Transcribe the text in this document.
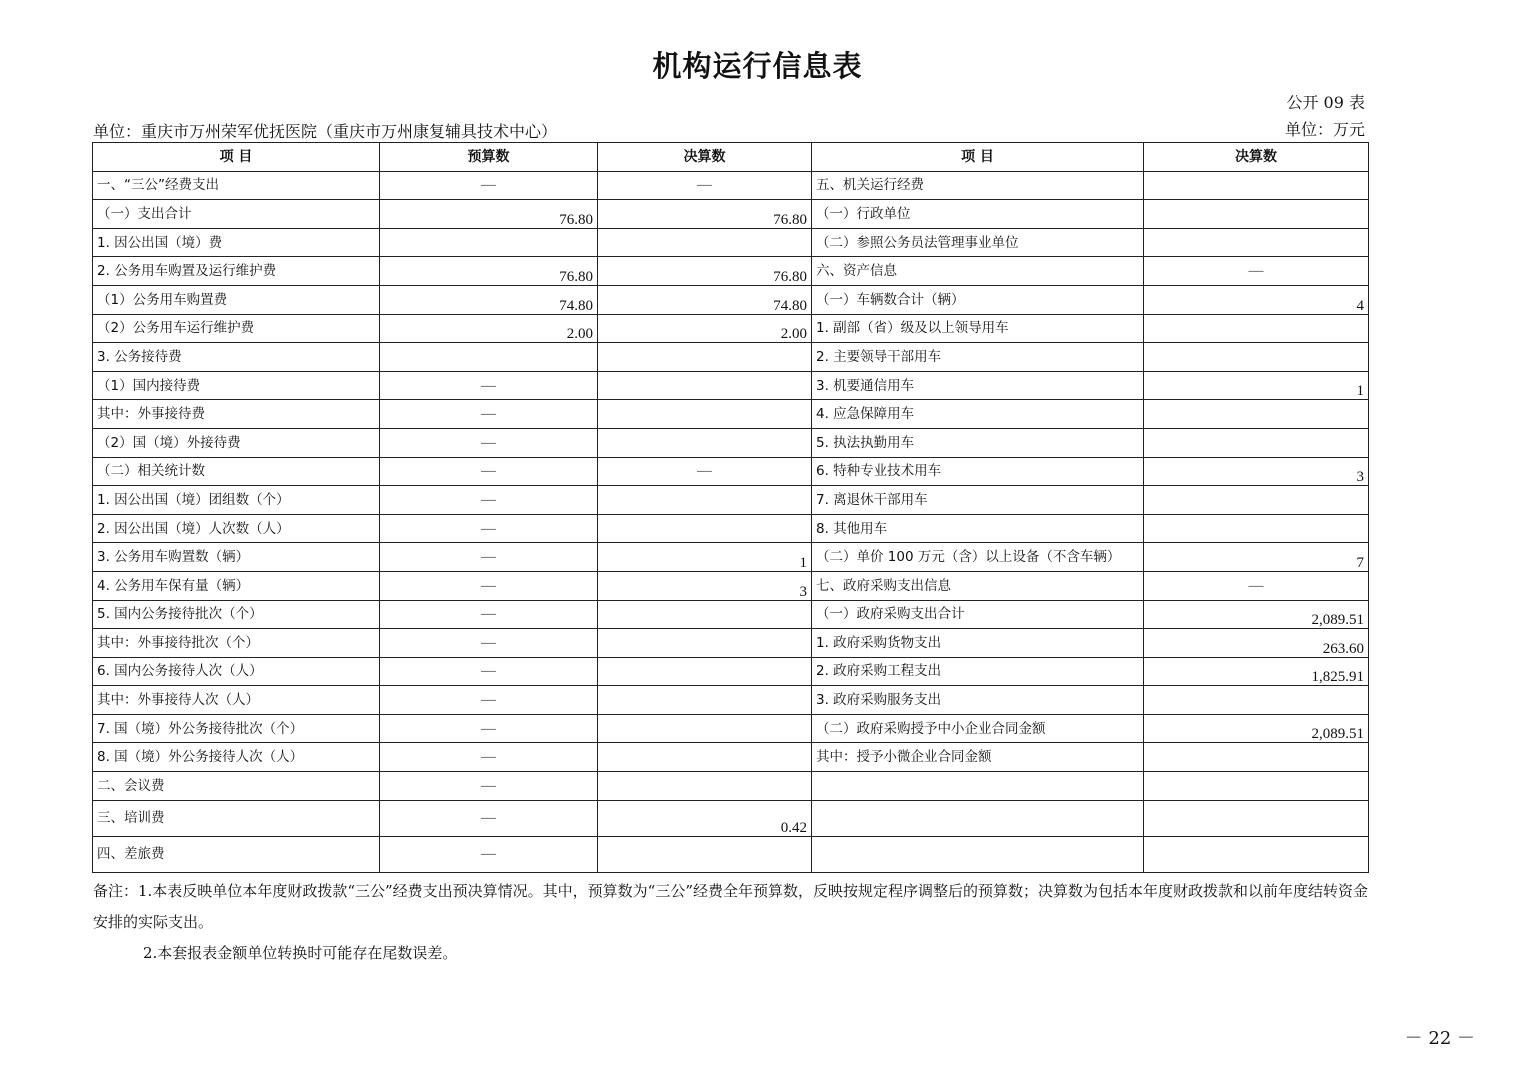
机构运行信息表
公开 09 表
单位：重庆市万州荣军优抚医院（重庆市万州康复辅具技术中心）	单位：万元
项 目	预算数	决算数	项 目	决算数
一、“三公”经费支出	—	—	五、机关运行经费	
（一）支出合计	76.80	76.80	（一）行政单位	
1. 因公出国（境）费			（二）参照公务员法管理事业单位	
2. 公务用车购置及运行维护费	76.80	76.80	六、资产信息	—
（1）公务用车购置费	74.80	74.80	（一）车辆数合计（辆）	4
（2）公务用车运行维护费	2.00	2.00	1. 副部（省）级及以上领导用车	
3. 公务接待费			2. 主要领导干部用车	
（1）国内接待费	—		3. 机要通信用车	1
其中：外事接待费	—		4. 应急保障用车	
（2）国（境）外接待费	—		5. 执法执勤用车	
（二）相关统计数	—	—	6. 特种专业技术用车	3
1. 因公出国（境）团组数（个）	—		7. 离退休干部用车	
2. 因公出国（境）人次数（人）	—		8. 其他用车	
3. 公务用车购置数（辆）	—	1	（二）单价 100 万元（含）以上设备（不含车辆）	7
4. 公务用车保有量（辆）	—	3	七、政府采购支出信息	—
5. 国内公务接待批次（个）	—		（一）政府采购支出合计	2,089.51
其中：外事接待批次（个）	—		1. 政府采购货物支出	263.60
6. 国内公务接待人次（人）	—		2. 政府采购工程支出	1,825.91
其中：外事接待人次（人）	—		3. 政府采购服务支出	
7. 国（境）外公务接待批次（个）	—		（二）政府采购授予中小企业合同金额	2,089.51
8. 国（境）外公务接待人次（人）	—		其中：授予小微企业合同金额	
二、会议费	—			
三、培训费	—	0.42		
四、差旅费	—			

备注：1.本表反映单位本年度财政拨款“三公”经费支出预决算情况。其中，预算数为“三公”经费全年预算数，反映按规定程序调整后的预算数；决算数为包括本年度财政拨款和以前年度结转资金

安排的实际支出。

2.本套报表金额单位转换时可能存在尾数误差。

－ 22 －
